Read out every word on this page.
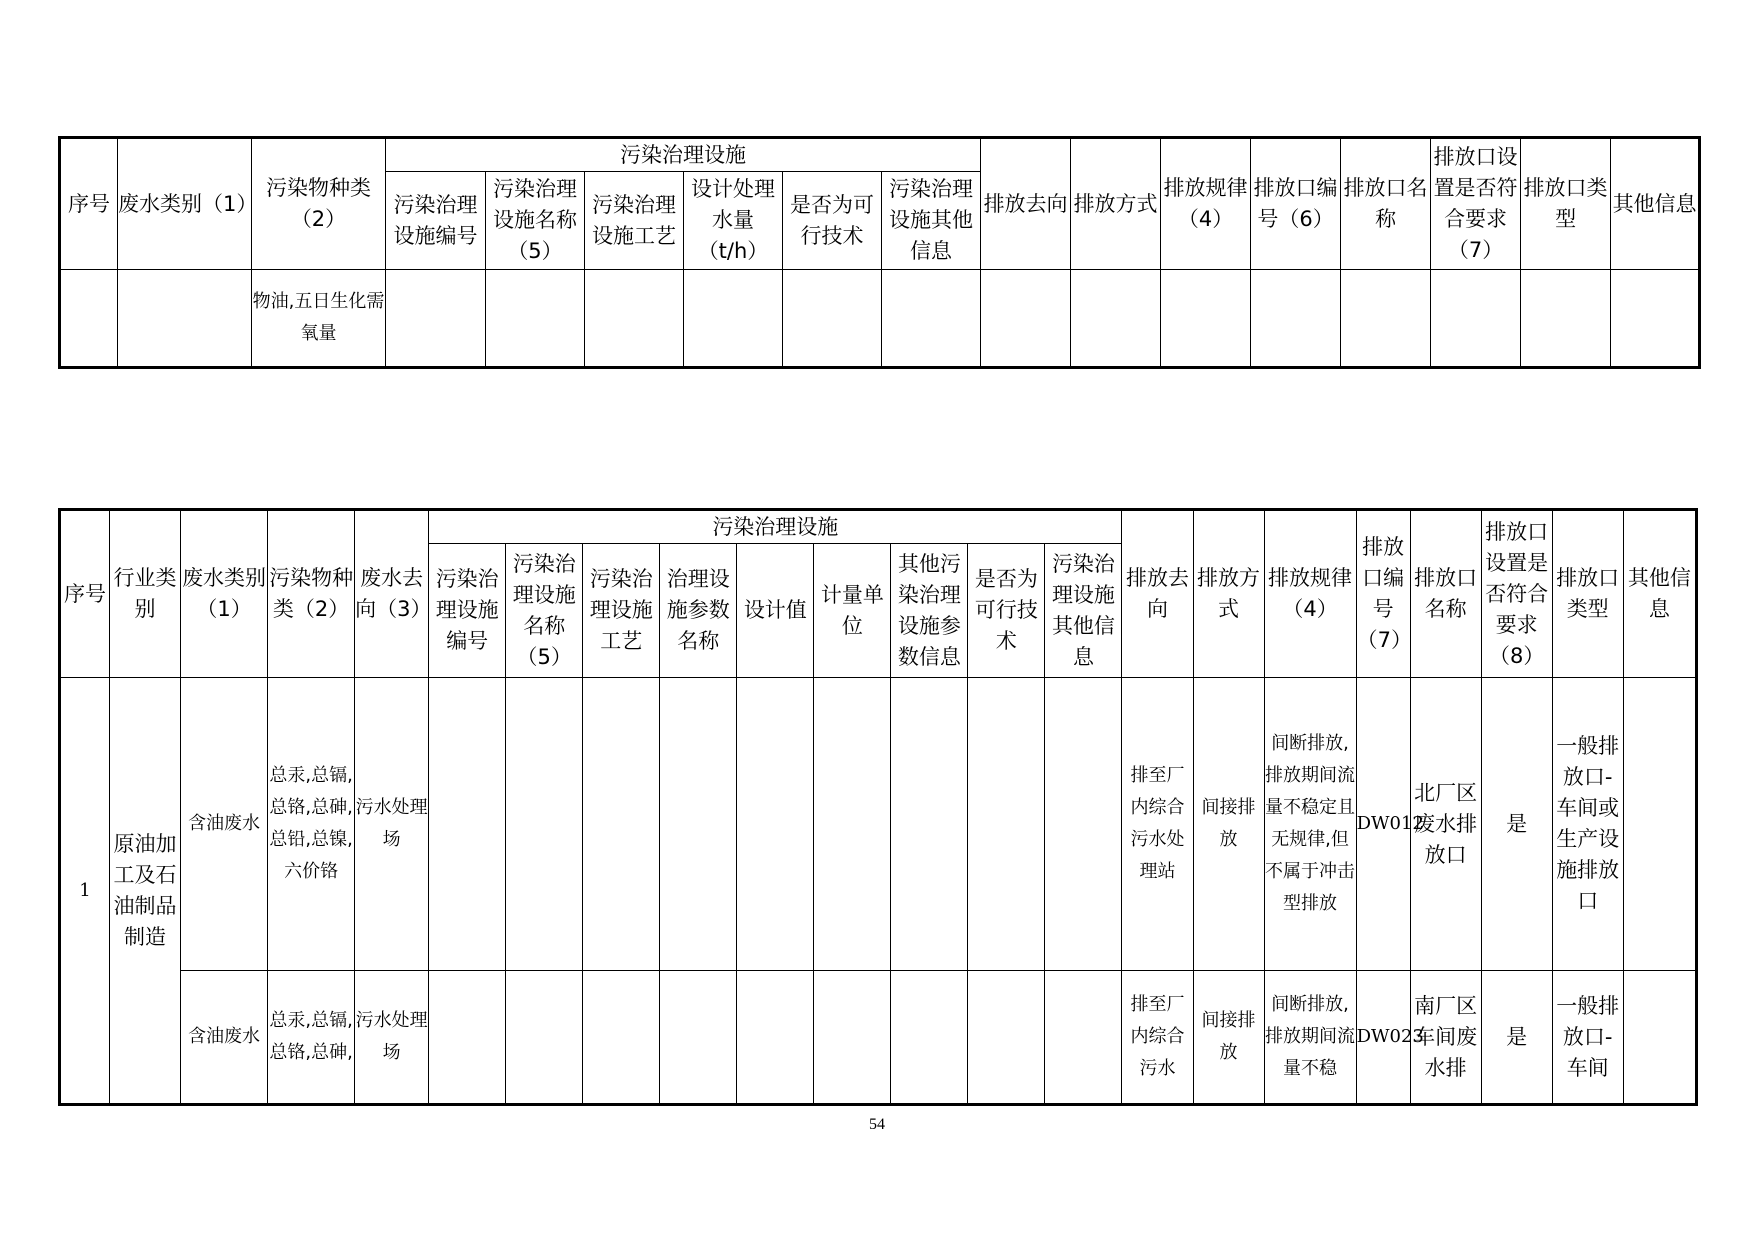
序号	废水类别（1）	污染物种类（2）	污染治理设施						排放去向	排放方式	排放规律（4）	排放口编号（6）	排放口名称	排放口设置是否符合要求（7）	排放口类型	其他信息
			污染治理设施编号	污染治理设施名称（5）	污染治理设施工艺	设计处理水量（t/h）	是否为可行技术	污染治理设施其他信息								
		物油,五日生化需氧量														
序号	行业类别	废水类别（1）	污染物种类（2）	废水去向（3）	污染治理设施									排放去向	排放方式	排放规律（4）	排放口编号（7）	排放口名称	排放口设置是否符合要求（8）	排放口类型	其他信息
					污染治理设施编号	污染治理设施名称（5）	污染治理设施工艺	治理设施参数名称	设计值	计量单位	其他污染治理设施参数信息	是否为可行技术	污染治理设施其他信息								
1	原油加工及石油制品制造	含油废水	总汞,总镉,总铬,总砷,总铅,总镍,六价铬	污水处理场										排至厂内综合污水处理站	间接排放	间断排放,排放期间流量不稳定且无规律,但不属于冲击型排放	DW012	北厂区废水排放口	是	一般排放口-车间或生产设施排放口	
		含油废水	总汞,总镉,总铬,总砷,	污水处理场										排至厂内综合污水	间接排放	间断排放,排放期间流量不稳	DW023	南厂区车间废水排	是	一般排放口-车间	
54
